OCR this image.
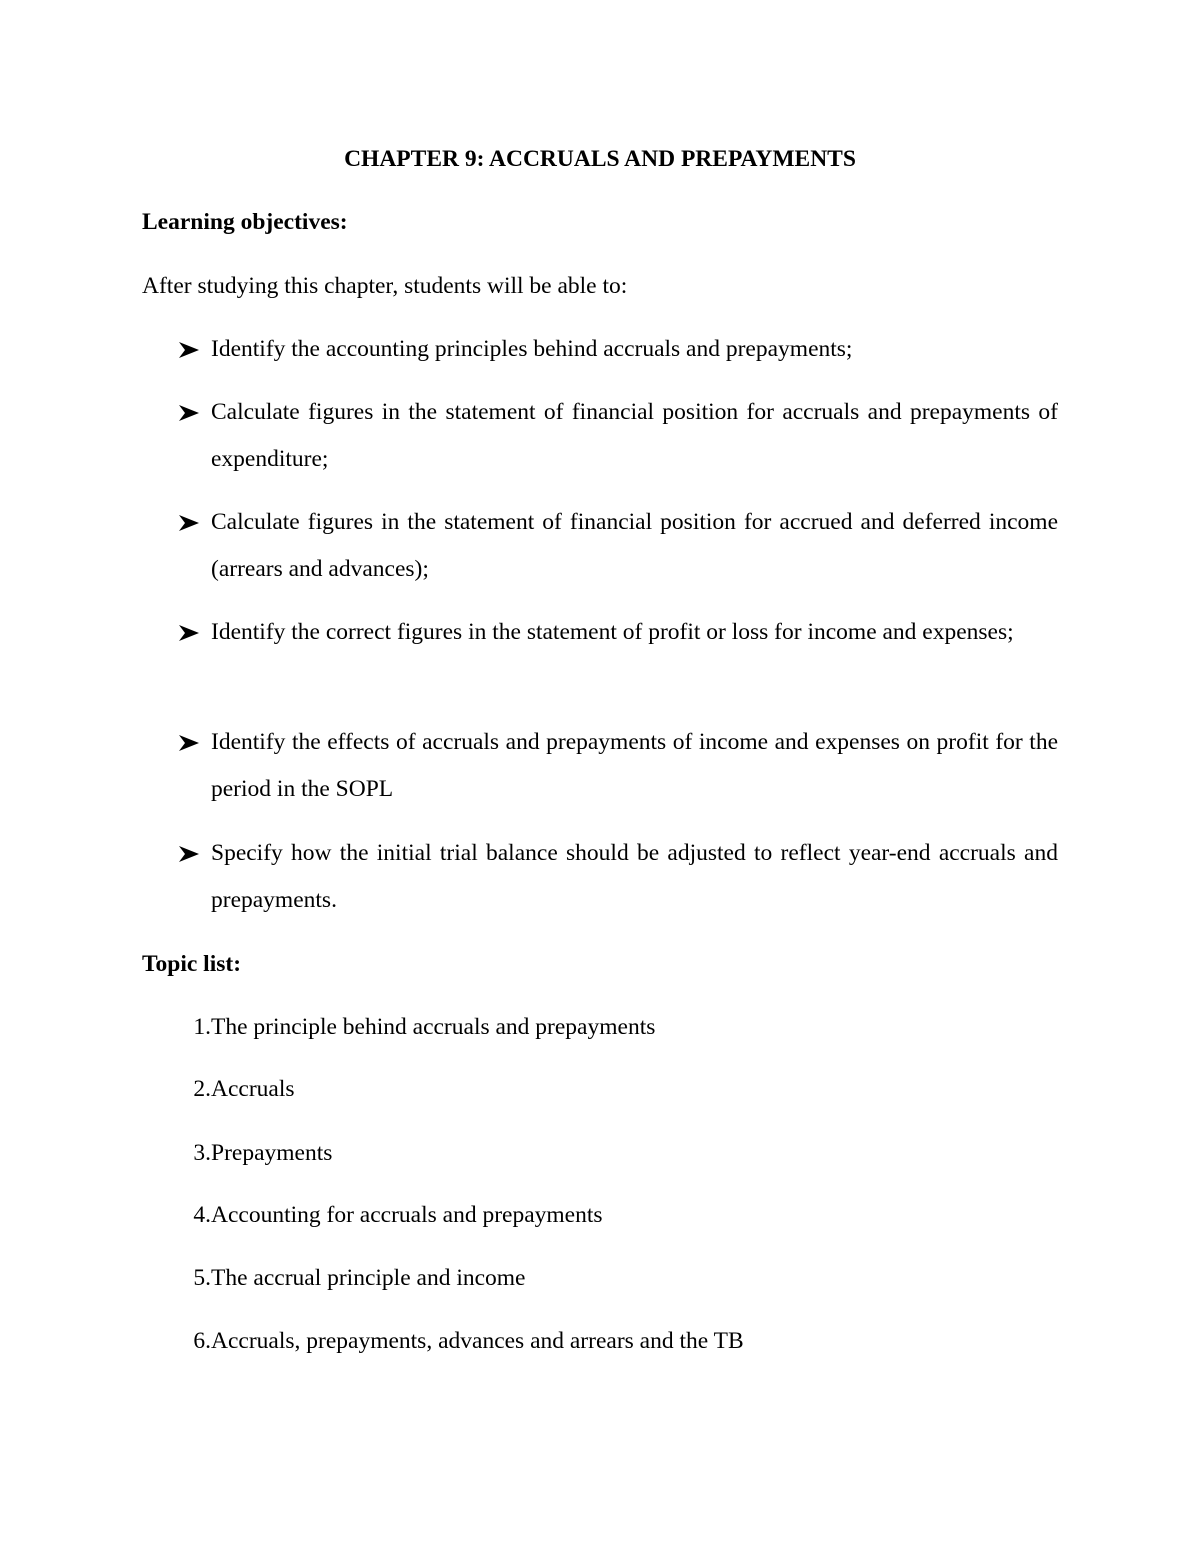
CHAPTER 9: ACCRUALS AND PREPAYMENTS
Learning objectives:
After studying this chapter, students will be able to:
Identify the accounting principles behind accruals and prepayments;
Calculate figures in the statement of financial position for accruals and prepayments of expenditure;
Calculate figures in the statement of financial position for accrued and deferred income (arrears and advances);
Identify the correct figures in the statement of profit or loss for income and expenses;
Identify the effects of accruals and prepayments of income and expenses on profit for the period in the SOPL
Specify how the initial trial balance should be adjusted to reflect year-end accruals and prepayments.
Topic list:
1.The principle behind accruals and prepayments
2.Accruals
3.Prepayments
4.Accounting for accruals and prepayments
5.The accrual principle and income
6.Accruals, prepayments, advances and arrears and the TB
